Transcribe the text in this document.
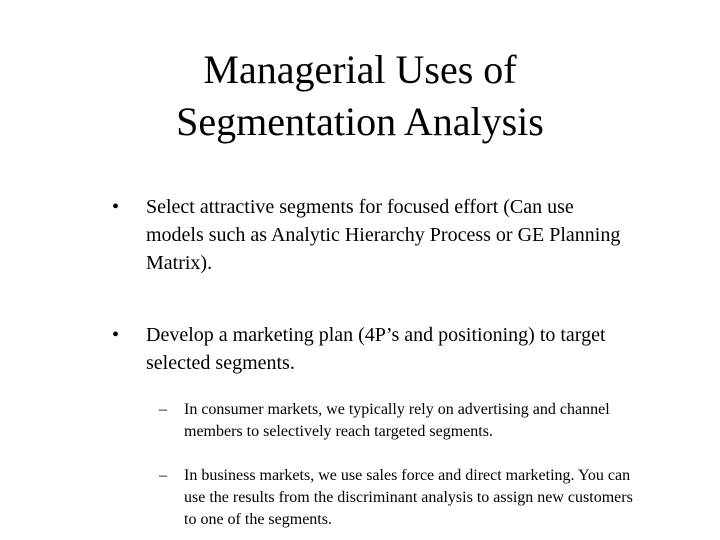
Managerial Uses of
Segmentation Analysis
• Select attractive segments for focused effort (Can use models such as Analytic Hierarchy Process or GE Planning Matrix).
• Develop a marketing plan (4P’s and positioning) to target selected segments.
– In consumer markets, we typically rely on advertising and channel members to selectively reach targeted segments.
– In business markets, we use sales force and direct marketing. You can use the results from the discriminant analysis to assign new customers to one of the segments.
